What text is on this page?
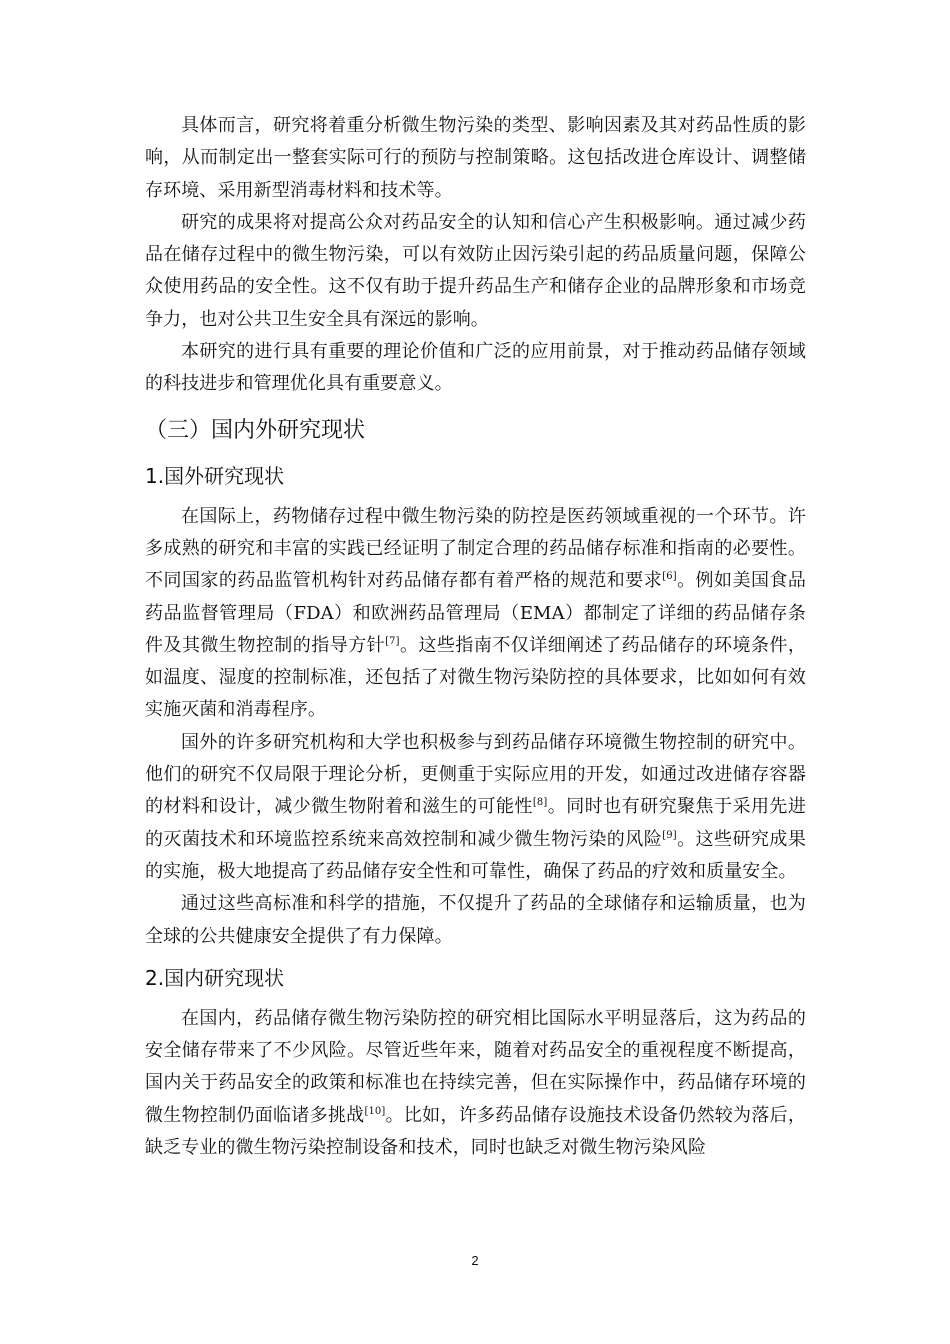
具体而言，研究将着重分析微生物污染的类型、影响因素及其对药品性质的影响，从而制定出一整套实际可行的预防与控制策略。这包括改进仓库设计、调整储存环境、采用新型消毒材料和技术等。

研究的成果将对提高公众对药品安全的认知和信心产生积极影响。通过减少药品在储存过程中的微生物污染，可以有效防止因污染引起的药品质量问题，保障公众使用药品的安全性。这不仅有助于提升药品生产和储存企业的品牌形象和市场竞争力，也对公共卫生安全具有深远的影响。

本研究的进行具有重要的理论价值和广泛的应用前景，对于推动药品储存领域的科技进步和管理优化具有重要意义。

（三）国内外研究现状
1.国外研究现状

在国际上，药物储存过程中微生物污染的防控是医药领域重视的一个环节。许多成熟的研究和丰富的实践已经证明了制定合理的药品储存标准和指南的必要性。不同国家的药品监管机构针对药品储存都有着严格的规范和要求[6]。例如美国食品药品监督管理局（FDA）和欧洲药品管理局（EMA）都制定了详细的药品储存条件及其微生物控制的指导方针[7]。这些指南不仅详细阐述了药品储存的环境条件，如温度、湿度的控制标准，还包括了对微生物污染防控的具体要求，比如如何有效实施灭菌和消毒程序。

国外的许多研究机构和大学也积极参与到药品储存环境微生物控制的研究中。他们的研究不仅局限于理论分析，更侧重于实际应用的开发，如通过改进储存容器的材料和设计，减少微生物附着和滋生的可能性[8]。同时也有研究聚焦于采用先进的灭菌技术和环境监控系统来高效控制和减少微生物污染的风险[9]。这些研究成果的实施，极大地提高了药品储存安全性和可靠性，确保了药品的疗效和质量安全。

通过这些高标准和科学的措施，不仅提升了药品的全球储存和运输质量，也为全球的公共健康安全提供了有力保障。

2.国内研究现状

在国内，药品储存微生物污染防控的研究相比国际水平明显落后，这为药品的安全储存带来了不少风险。尽管近些年来，随着对药品安全的重视程度不断提高，国内关于药品安全的政策和标准也在持续完善，但在实际操作中，药品储存环境的微生物控制仍面临诸多挑战[10]。比如，许多药品储存设施技术设备仍然较为落后，缺乏专业的微生物污染控制设备和技术，同时也缺乏对微生物污染风险

2
